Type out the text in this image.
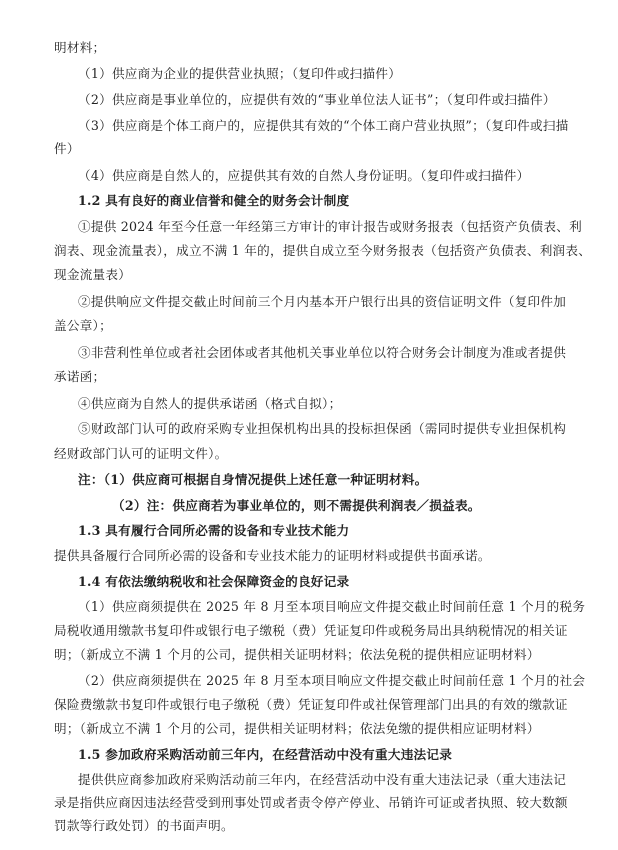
明材料；
（1）供应商为企业的提供营业执照；（复印件或扫描件）
（2）供应商是事业单位的，应提供有效的“事业单位法人证书”；（复印件或扫描件）
（3）供应商是个体工商户的，应提供其有效的“个体工商户营业执照”；（复印件或扫描
件）
（4）供应商是自然人的，应提供其有效的自然人身份证明。（复印件或扫描件）
1.2 具有良好的商业信誉和健全的财务会计制度
①提供 2024 年至今任意一年经第三方审计的审计报告或财务报表（包括资产负债表、利
润表、现金流量表），成立不满 1 年的，提供自成立至今财务报表（包括资产负债表、利润表、
现金流量表）
②提供响应文件提交截止时间前三个月内基本开户银行出具的资信证明文件（复印件加
盖公章）；
③非营利性单位或者社会团体或者其他机关事业单位以符合财务会计制度为准或者提供
承诺函；
④供应商为自然人的提供承诺函（格式自拟）；
⑤财政部门认可的政府采购专业担保机构出具的投标担保函（需同时提供专业担保机构
经财政部门认可的证明文件）。
注：（1）供应商可根据自身情况提供上述任意一种证明材料。
（2）注：供应商若为事业单位的，则不需提供利润表／损益表。
1.3 具有履行合同所必需的设备和专业技术能力
提供具备履行合同所必需的设备和专业技术能力的证明材料或提供书面承诺。
1.4 有依法缴纳税收和社会保障资金的良好记录
（1）供应商须提供在 2025 年 8 月至本项目响应文件提交截止时间前任意 1 个月的税务
局税收通用缴款书复印件或银行电子缴税（费）凭证复印件或税务局出具纳税情况的相关证
明；（新成立不满 1 个月的公司，提供相关证明材料；依法免税的提供相应证明材料）
（2）供应商须提供在 2025 年 8 月至本项目响应文件提交截止时间前任意 1 个月的社会
保险费缴款书复印件或银行电子缴税（费）凭证复印件或社保管理部门出具的有效的缴款证
明；（新成立不满 1 个月的公司，提供相关证明材料；依法免缴的提供相应证明材料）
1.5 参加政府采购活动前三年内，在经营活动中没有重大违法记录
提供供应商参加政府采购活动前三年内，在经营活动中没有重大违法记录（重大违法记
录是指供应商因违法经营受到刑事处罚或者责令停产停业、吊销许可证或者执照、较大数额
罚款等行政处罚）的书面声明。
